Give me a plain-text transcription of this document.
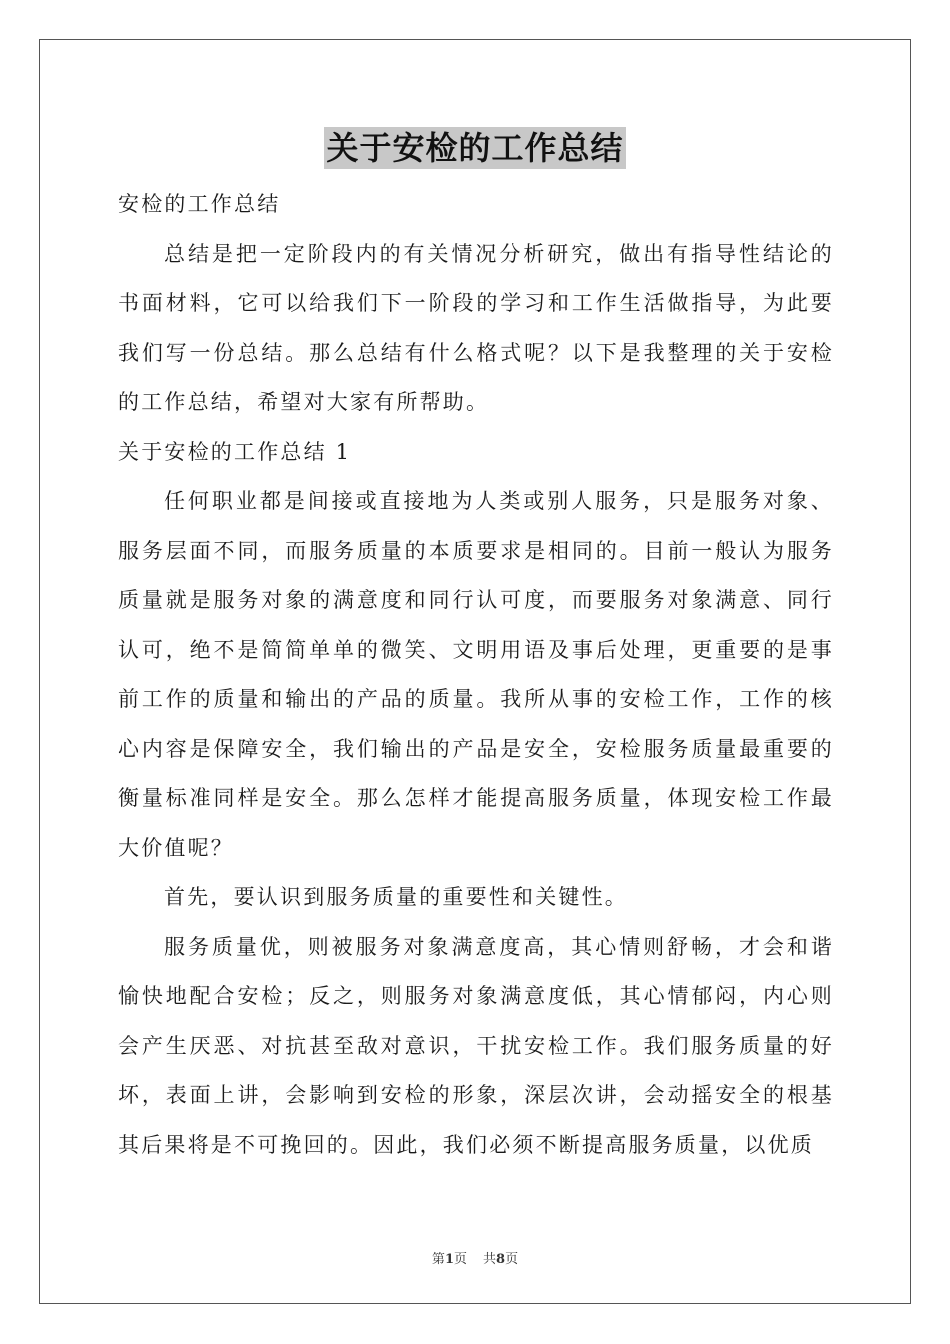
关于安检的工作总结

安检的工作总结

总结是把一定阶段内的有关情况分析研究，做出有指导性结论的书面材料，它可以给我们下一阶段的学习和工作生活做指导，为此要我们写一份总结。那么总结有什么格式呢？以下是我整理的关于安检的工作总结，希望对大家有所帮助。

关于安检的工作总结 1

任何职业都是间接或直接地为人类或别人服务，只是服务对象、服务层面不同，而服务质量的本质要求是相同的。目前一般认为服务质量就是服务对象的满意度和同行认可度，而要服务对象满意、同行认可，绝不是简简单单的微笑、文明用语及事后处理，更重要的是事前工作的质量和输出的产品的质量。我所从事的安检工作，工作的核心内容是保障安全，我们输出的产品是安全，安检服务质量最重要的衡量标准同样是安全。那么怎样才能提高服务质量，体现安检工作最大价值呢？

首先，要认识到服务质量的重要性和关键性。

服务质量优，则被服务对象满意度高，其心情则舒畅，才会和谐愉快地配合安检；反之，则服务对象满意度低，其心情郁闷，内心则会产生厌恶、对抗甚至敌对意识，干扰安检工作。我们服务质量的好坏，表面上讲，会影响到安检的形象，深层次讲，会动摇安全的根基其后果将是不可挽回的。因此，我们必须不断提高服务质量，以优质

第1页 共8页
